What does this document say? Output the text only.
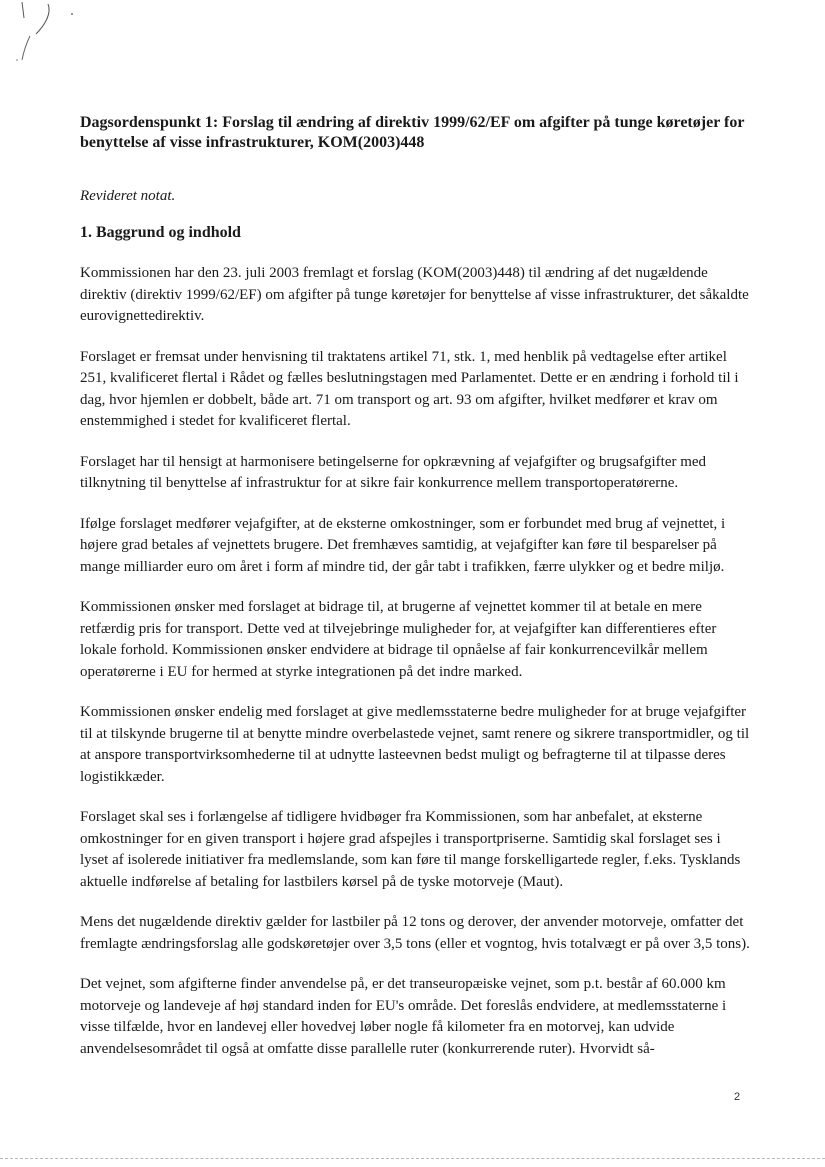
Dagsordenspunkt 1: Forslag til ændring af direktiv 1999/62/EF om afgifter på tunge køretøjer for benyttelse af visse infrastrukturer, KOM(2003)448
Revideret notat.
1. Baggrund og indhold

Kommissionen har den 23. juli 2003 fremlagt et forslag (KOM(2003)448) til ændring af det nugældende direktiv (direktiv 1999/62/EF) om afgifter på tunge køretøjer for benyttelse af visse infrastrukturer, det såkaldte eurovignettedirektiv.

Forslaget er fremsat under henvisning til traktatens artikel 71, stk. 1, med henblik på vedtagelse efter artikel 251, kvalificeret flertal i Rådet og fælles beslutningstagen med Parlamentet. Dette er en ændring i forhold til i dag, hvor hjemlen er dobbelt, både art. 71 om transport og art. 93 om afgifter, hvilket medfører et krav om enstemmighed i stedet for kvalificeret flertal.

Forslaget har til hensigt at harmonisere betingelserne for opkrævning af vejafgifter og brugsafgifter med tilknytning til benyttelse af infrastruktur for at sikre fair konkurrence mellem transportoperatørerne.

Ifølge forslaget medfører vejafgifter, at de eksterne omkostninger, som er forbundet med brug af vejnettet, i højere grad betales af vejnettets brugere. Det fremhæves samtidig, at vejafgifter kan føre til besparelser på mange milliarder euro om året i form af mindre tid, der går tabt i trafikken, færre ulykker og et bedre miljø.

Kommissionen ønsker med forslaget at bidrage til, at brugerne af vejnettet kommer til at betale en mere retfærdig pris for transport. Dette ved at tilvejebringe muligheder for, at vejafgifter kan differentieres efter lokale forhold. Kommissionen ønsker endvidere at bidrage til opnåelse af fair konkurrencevilkår mellem operatørerne i EU for hermed at styrke integrationen på det indre marked.

Kommissionen ønsker endelig med forslaget at give medlemsstaterne bedre muligheder for at bruge vejafgifter til at tilskynde brugerne til at benytte mindre overbelastede vejnet, samt renere og sikrere transportmidler, og til at anspore transportvirksomhederne til at udnytte lasteevnen bedst muligt og befragterne til at tilpasse deres logistikkæder.

Forslaget skal ses i forlængelse af tidligere hvidbøger fra Kommissionen, som har anbefalet, at eksterne omkostninger for en given transport i højere grad afspejles i transportpriserne. Samtidig skal forslaget ses i lyset af isolerede initiativer fra medlemslande, som kan føre til mange forskelligartede regler, f.eks. Tysklands aktuelle indførelse af betaling for lastbilers kørsel på de tyske motorveje (Maut).

Mens det nugældende direktiv gælder for lastbiler på 12 tons og derover, der anvender motorveje, omfatter det fremlagte ændringsforslag alle godskøretøjer over 3,5 tons (eller et vogntog, hvis totalvægt er på over 3,5 tons).

Det vejnet, som afgifterne finder anvendelse på, er det transeuropæiske vejnet, som p.t. består af 60.000 km motorveje og landeveje af høj standard inden for EU's område. Det foreslås endvidere, at medlemsstaterne i visse tilfælde, hvor en landevej eller hovedvej løber nogle få kilometer fra en motorvej, kan udvide anvendelsesområdet til også at omfatte disse parallelle ruter (konkurrerende ruter). Hvorvidt så-

2
